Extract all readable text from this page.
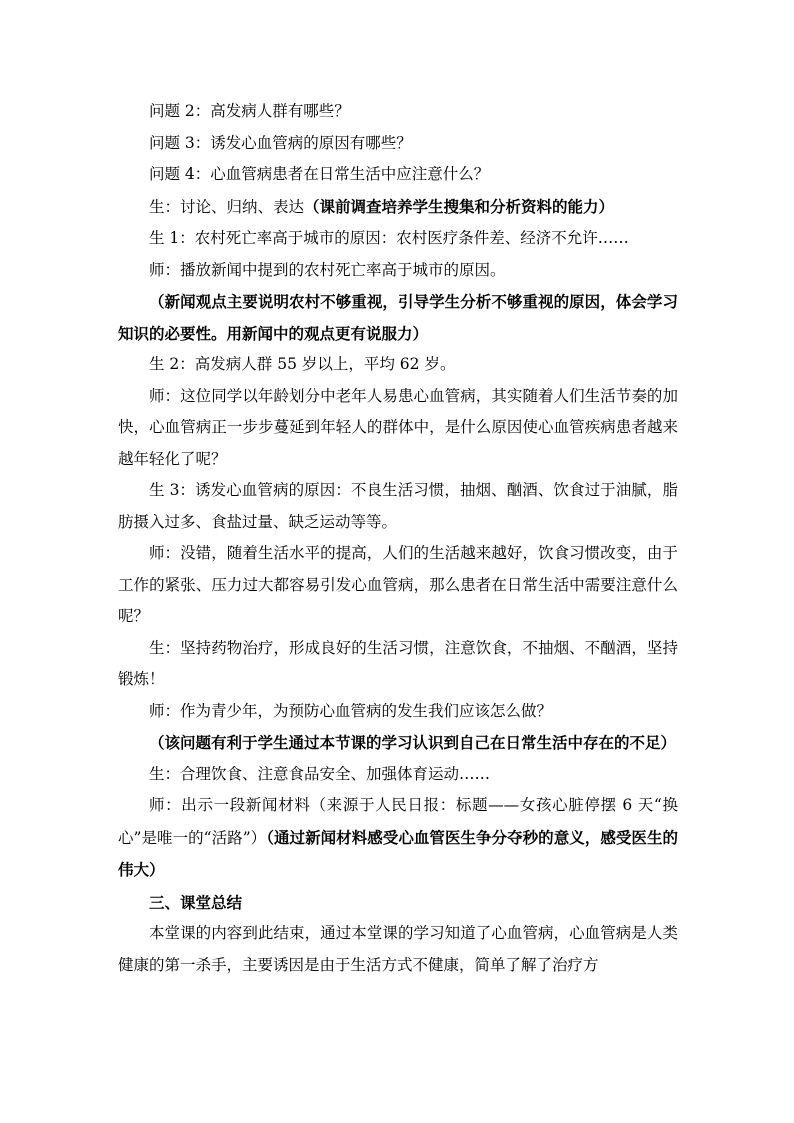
问题 2：高发病人群有哪些？

问题 3：诱发心血管病的原因有哪些？

问题 4：心血管病患者在日常生活中应注意什么？

生：讨论、归纳、表达（课前调查培养学生搜集和分析资料的能力）

生 1：农村死亡率高于城市的原因：农村医疗条件差、经济不允许……

师：播放新闻中提到的农村死亡率高于城市的原因。

（新闻观点主要说明农村不够重视，引导学生分析不够重视的原因，体会学习知识的必要性。用新闻中的观点更有说服力）

生 2：高发病人群 55 岁以上，平均 62 岁。

师：这位同学以年龄划分中老年人易患心血管病，其实随着人们生活节奏的加快，心血管病正一步步蔓延到年轻人的群体中，是什么原因使心血管疾病患者越来越年轻化了呢？

生 3：诱发心血管病的原因：不良生活习惯，抽烟、酗酒、饮食过于油腻，脂肪摄入过多、食盐过量、缺乏运动等等。

师：没错，随着生活水平的提高，人们的生活越来越好，饮食习惯改变，由于工作的紧张、压力过大都容易引发心血管病，那么患者在日常生活中需要注意什么呢？

生：坚持药物治疗，形成良好的生活习惯，注意饮食，不抽烟、不酗酒，坚持锻炼！

师：作为青少年，为预防心血管病的发生我们应该怎么做？

（该问题有利于学生通过本节课的学习认识到自己在日常生活中存在的不足）

生：合理饮食、注意食品安全、加强体育运动……

师：出示一段新闻材料（来源于人民日报：标题——女孩心脏停摆 6 天“换心”是唯一的“活路”）（通过新闻材料感受心血管医生争分夺秒的意义，感受医生的伟大）

三、课堂总结

本堂课的内容到此结束，通过本堂课的学习知道了心血管病，心血管病是人类健康的第一杀手，主要诱因是由于生活方式不健康，简单了解了治疗方
